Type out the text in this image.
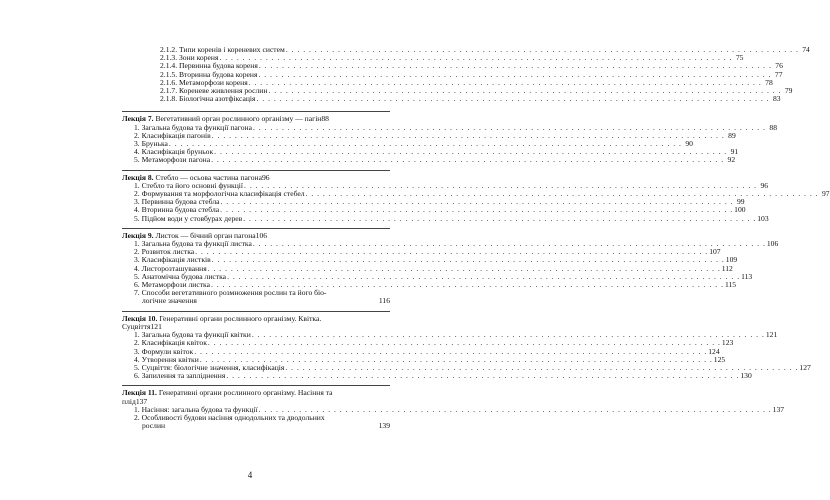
2.1.2. Типи коренів і кореневих систем . . .	74
2.1.3. Зони кореня . . .	75
2.1.4. Первинна будова кореня . . .	76
2.1.5. Вторинна будова кореня . . .	77
2.1.6. Метаморфози кореня . . .	78
2.1.7. Кореневе живлення рослин . . .	79
2.1.8. Біологічна азотфіксація . . .	83
Лекція 7. Вегетативний орган рослинного організму — пагін 88
1. Загальна будова та функції пагона . . .	88
2. Класифікація пагонів . . .	89
3. Брунька . . .	90
4. Класифікація бруньок . . .	91
5. Метаморфози пагона . . .	92
Лекція 8. Стебло — осьова частина пагона 96
1. Стебло та його основні функції . . .	96
2. Формування та морфологічна класифікація стебел . . .	97
3. Первинна будова стебла . . .	99
4. Вторинна будова стебла . . .	100
5. Підйом води у стовбурах дерев . . .	103
Лекція 9. Листок — бічний орган пагона 106
1. Загальна будова та функції листка . . .	106
2. Розвиток листка . . .	107
3. Класифікація листків . . .	109
4. Листорозташування . . .	112
5. Анатомічна будова листка . . .	113
6. Метаморфози листка . . .	115
7. Способи вегетативного розмноження рослин та його біо-
логічне значення	116
Лекція 10. Генеративні органи рослинного організму. Квітка.
Суцвіття 121
1. Загальна будова та функції квітки . . .	121
2. Класифікація квіток . . .	123
3. Формули квіток . . .	124
4. Утворення квітки . . .	125
5. Суцвіття: біологічне значення, класифікація . . .	127
6. Запилення та запліднення . . .	130
Лекція 11. Генеративні органи рослинного організму. Насіння та
плід 137
1. Насіння: загальна будова та функції . . .	137
2. Особливості будови насіння однодольних та дводольних
рослин	139
4
